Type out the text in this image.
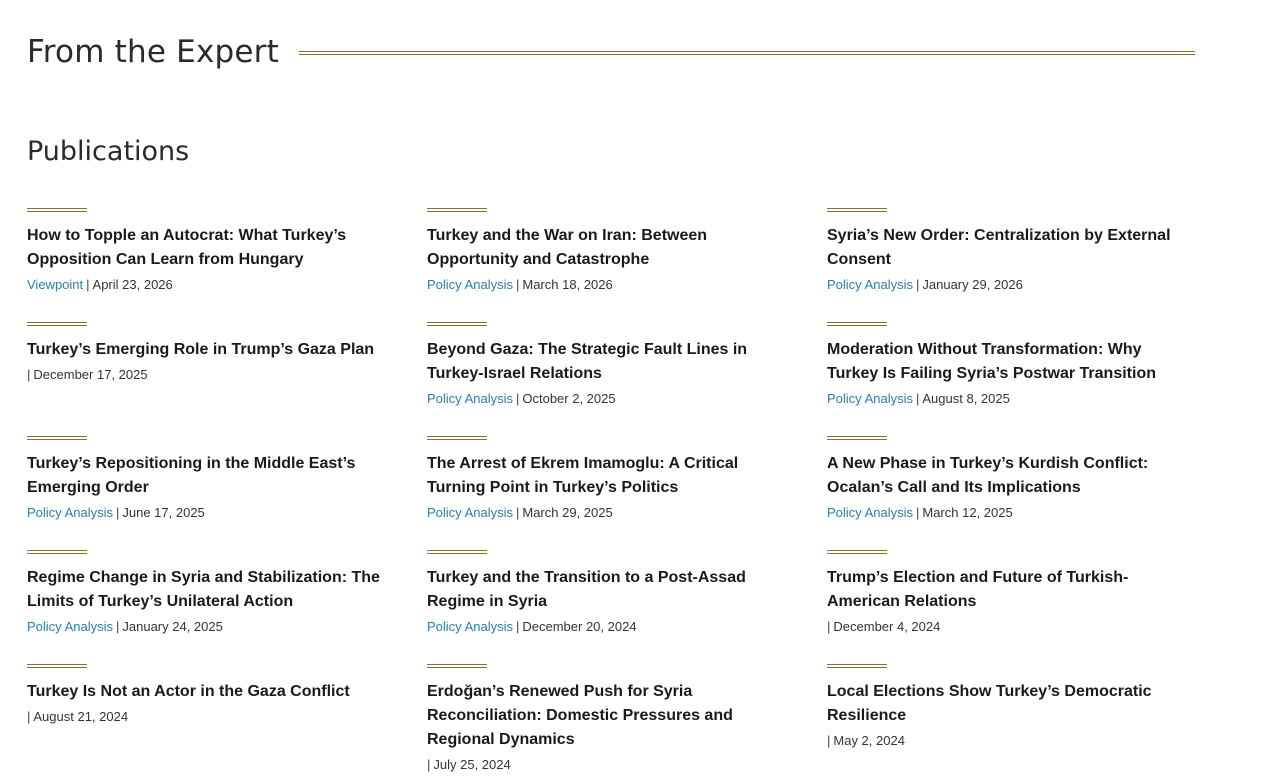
From the Expert
Publications
How to Topple an Autocrat: What Turkey’s Opposition Can Learn from Hungary
Viewpoint | April 23, 2026
Turkey and the War on Iran: Between Opportunity and Catastrophe
Policy Analysis | March 18, 2026
Syria’s New Order: Centralization by External Consent
Policy Analysis | January 29, 2026
Turkey’s Emerging Role in Trump’s Gaza Plan
| December 17, 2025
Beyond Gaza: The Strategic Fault Lines in Turkey-Israel Relations
Policy Analysis | October 2, 2025
Moderation Without Transformation: Why Turkey Is Failing Syria’s Postwar Transition
Policy Analysis | August 8, 2025
Turkey’s Repositioning in the Middle East’s Emerging Order
Policy Analysis | June 17, 2025
The Arrest of Ekrem Imamoglu: A Critical Turning Point in Turkey’s Politics
Policy Analysis | March 29, 2025
A New Phase in Turkey’s Kurdish Conflict: Ocalan’s Call and Its Implications
Policy Analysis | March 12, 2025
Regime Change in Syria and Stabilization: The Limits of Turkey’s Unilateral Action
Policy Analysis | January 24, 2025
Turkey and the Transition to a Post-Assad Regime in Syria
Policy Analysis | December 20, 2024
Trump’s Election and Future of Turkish-American Relations
| December 4, 2024
Turkey Is Not an Actor in the Gaza Conflict
| August 21, 2024
Erdoğan’s Renewed Push for Syria Reconciliation: Domestic Pressures and Regional Dynamics
| July 25, 2024
Local Elections Show Turkey’s Democratic Resilience
| May 2, 2024
